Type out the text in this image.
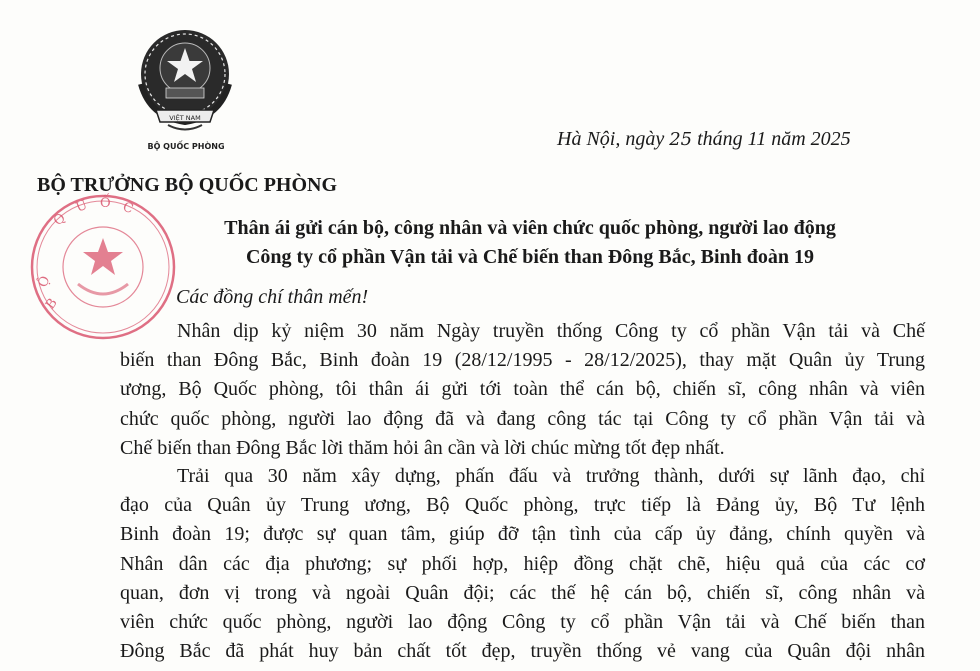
VIỆT NAM
BỘ QUỐC PHÒNG
B
Ộ
Q
U Ố C
Hà Nội, ngày 25 tháng 11 năm 2025
BỘ TRƯỞNG BỘ QUỐC PHÒNG
Thân ái gửi cán bộ, công nhân và viên chức quốc phòng, người lao động
Công ty cổ phần Vận tải và Chế biến than Đông Bắc, Binh đoàn 19
Các đồng chí thân mến!
Nhân dịp kỷ niệm 30 năm Ngày truyền thống Công ty cổ phần Vận tải và Chế
biến than Đông Bắc, Binh đoàn 19 (28/12/1995 - 28/12/2025), thay mặt Quân ủy Trung
ương, Bộ Quốc phòng, tôi thân ái gửi tới toàn thể cán bộ, chiến sĩ, công nhân và viên
chức quốc phòng, người lao động đã và đang công tác tại Công ty cổ phần Vận tải và
Chế biến than Đông Bắc lời thăm hỏi ân cần và lời chúc mừng tốt đẹp nhất.
Trải qua 30 năm xây dựng, phấn đấu và trưởng thành, dưới sự lãnh đạo, chỉ
đạo của Quân ủy Trung ương, Bộ Quốc phòng, trực tiếp là Đảng ủy, Bộ Tư lệnh
Binh đoàn 19; được sự quan tâm, giúp đỡ tận tình của cấp ủy đảng, chính quyền và
Nhân dân các địa phương; sự phối hợp, hiệp đồng chặt chẽ, hiệu quả của các cơ
quan, đơn vị trong và ngoài Quân đội; các thế hệ cán bộ, chiến sĩ, công nhân và
viên chức quốc phòng, người lao động Công ty cổ phần Vận tải và Chế biến than
Đông Bắc đã phát huy bản chất tốt đẹp, truyền thống vẻ vang của Quân đội nhân
